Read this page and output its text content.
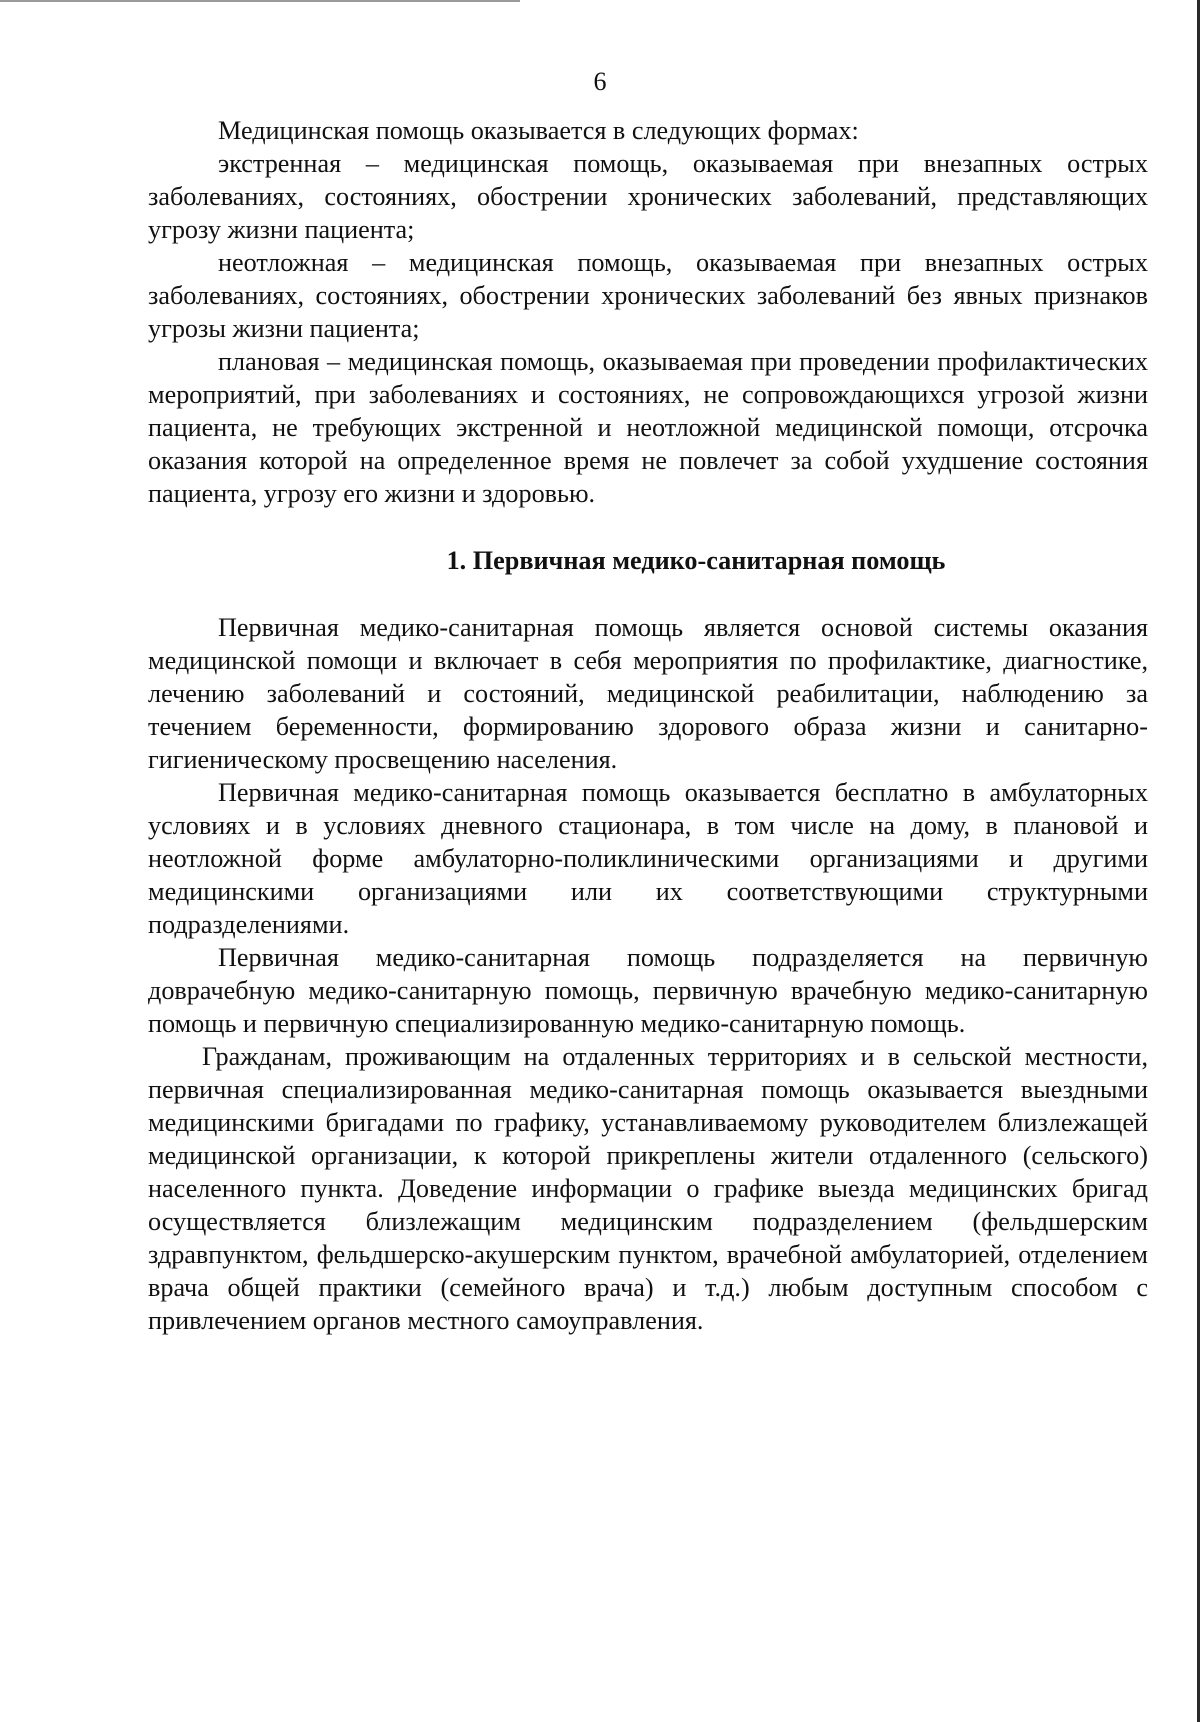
6

Медицинская помощь оказывается в следующих формах:

экстренная – медицинская помощь, оказываемая при внезапных острых заболеваниях, состояниях, обострении хронических заболеваний, представляющих угрозу жизни пациента;

неотложная – медицинская помощь, оказываемая при внезапных острых заболеваниях, состояниях, обострении хронических заболеваний без явных признаков угрозы жизни пациента;

плановая – медицинская помощь, оказываемая при проведении профилактических мероприятий, при заболеваниях и состояниях, не сопровождающихся угрозой жизни пациента, не требующих экстренной и неотложной медицинской помощи, отсрочка оказания которой на определенное время не повлечет за собой ухудшение состояния пациента, угрозу его жизни и здоровью.

1. Первичная медико-санитарная помощь

Первичная медико-санитарная помощь является основой системы оказания медицинской помощи и включает в себя мероприятия по профилактике, диагностике, лечению заболеваний и состояний, медицинской реабилитации, наблюдению за течением беременности, формированию здорового образа жизни и санитарно-гигиеническому просвещению населения.

Первичная медико-санитарная помощь оказывается бесплатно в амбулаторных условиях и в условиях дневного стационара, в том числе на дому, в плановой и неотложной форме амбулаторно-поликлиническими организациями и другими медицинскими организациями или их соответствующими структурными подразделениями.

Первичная медико-санитарная помощь подразделяется на первичную доврачебную медико-санитарную помощь, первичную врачебную медико-санитарную помощь и первичную специализированную медико-санитарную помощь.

Гражданам, проживающим на отдаленных территориях и в сельской местности, первичная специализированная медико-санитарная помощь оказывается выездными медицинскими бригадами по графику, устанавливаемому руководителем близлежащей медицинской организации, к которой прикреплены жители отдаленного (сельского) населенного пункта. Доведение информации о графике выезда медицинских бригад осуществляется близлежащим медицинским подразделением (фельдшерским здравпунктом, фельдшерско-акушерским пунктом, врачебной амбулаторией, отделением врача общей практики (семейного врача) и т.д.) любым доступным способом с привлечением органов местного самоуправления.
